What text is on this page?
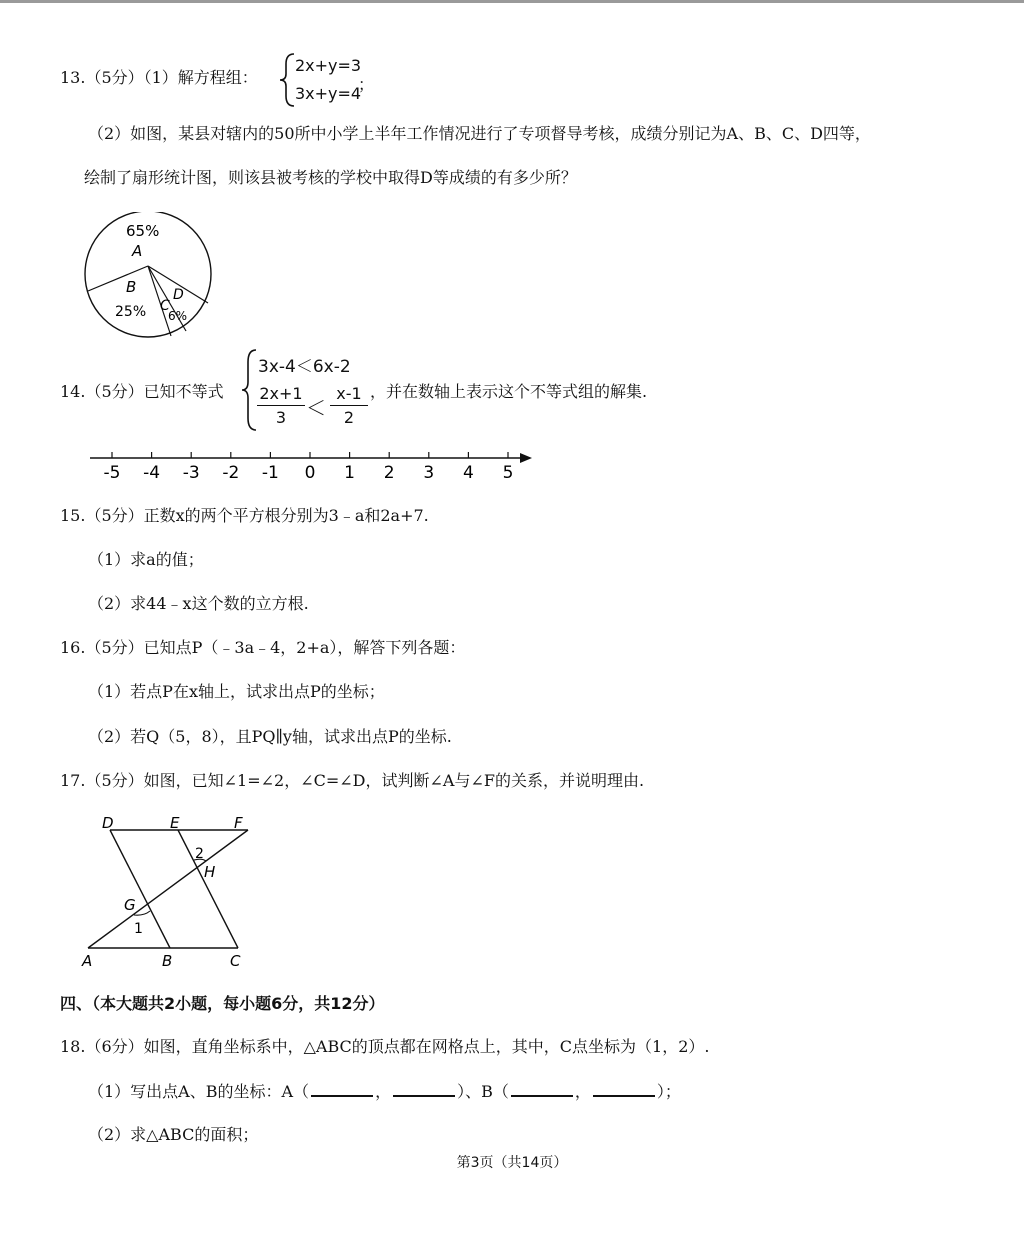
13.（5分）（1）解方程组：
2x+y=3
3x+y=4
；
（2）如图，某县对辖内的50所中小学上半年工作情况进行了专项督导考核，成绩分别记为A、B、C、D四等，
绘制了扇形统计图，则该县被考核的学校中取得D等成绩的有多少所？
65%
A
B
25% C
D
6%
14.（5分）已知不等式
3x-4＜6x-2
2x+1
3 ＜
x-1
2
，并在数轴上表示这个不等式组的解集.
-5 -4 -3 -2 -1 0 1 2 3 4 5
15.（5分）正数x的两个平方根分别为3﹣a和2a+7.
（1）求a的值；
（2）求44﹣x这个数的立方根.
16.（5分）已知点P（﹣3a﹣4，2+a），解答下列各题：
（1）若点P在x轴上，试求出点P的坐标；
（2）若Q（5，8），且PQ∥y轴，试求出点P的坐标.
17.（5分）如图，已知∠1=∠2，∠C=∠D，试判断∠A与∠F的关系，并说明理由.
D	E	F
2
H
G
1
A	B	C
四、（本大题共2小题，每小题6分，共12分）
18.（6分）如图，直角坐标系中，△ABC的顶点都在网格点上，其中，C点坐标为（1，2）.
（1）写出点A、B的坐标：A（	，	）、B（	，	）；
（2）求△ABC的面积；
第3页（共14页）
